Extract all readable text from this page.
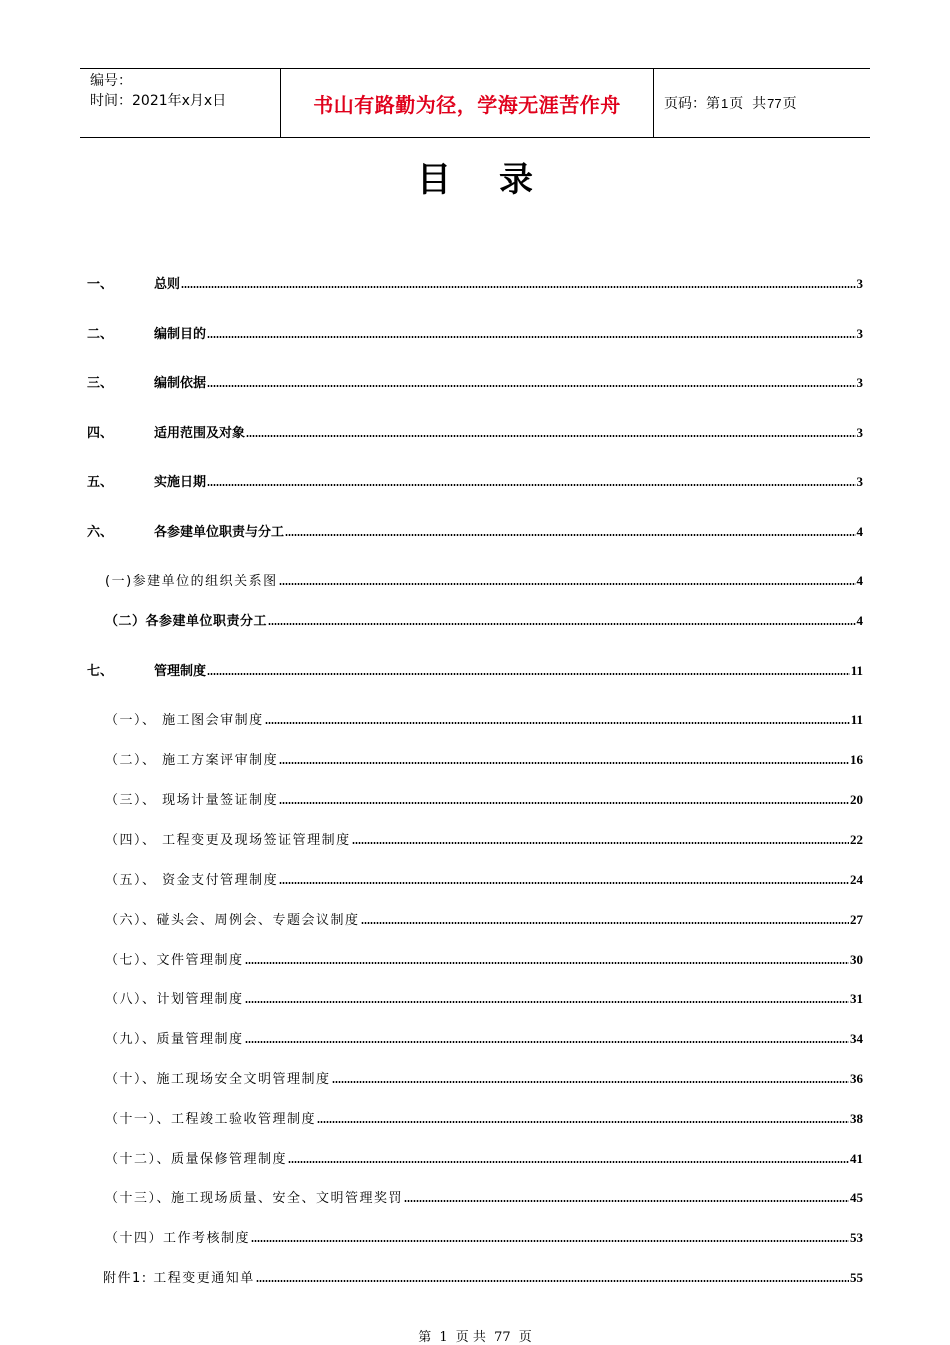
编号：
时间：2021年x月x日	书山有路勤为径，学海无涯苦作舟	页码：第 1 页  共 77 页
目录
一、	总则	3
二、	编制目的	3
三、	编制依据	3
四、	适用范围及对象	3
五、	实施日期	3
六、	各参建单位职责与分工	4
(一)参建单位的组织关系图	4
（二）各参建单位职责分工	4
七、	管理制度	11
（一）、 施工图会审制度	11
（二）、 施工方案评审制度	16
（三）、 现场计量签证制度	20
（四）、 工程变更及现场签证管理制度	22
（五）、 资金支付管理制度	24
（六）、碰头会、周例会、专题会议制度	27
（七）、文件管理制度	30
（八）、计划管理制度	31
（九）、质量管理制度	34
（十）、施工现场安全文明管理制度	36
（十一）、工程竣工验收管理制度	38
（十二）、质量保修管理制度	41
（十三）、施工现场质量、安全、文明管理奖罚	45
（十四）工作考核制度	53
附件1: 工程变更通知单	55
第 1 页 共 77 页
